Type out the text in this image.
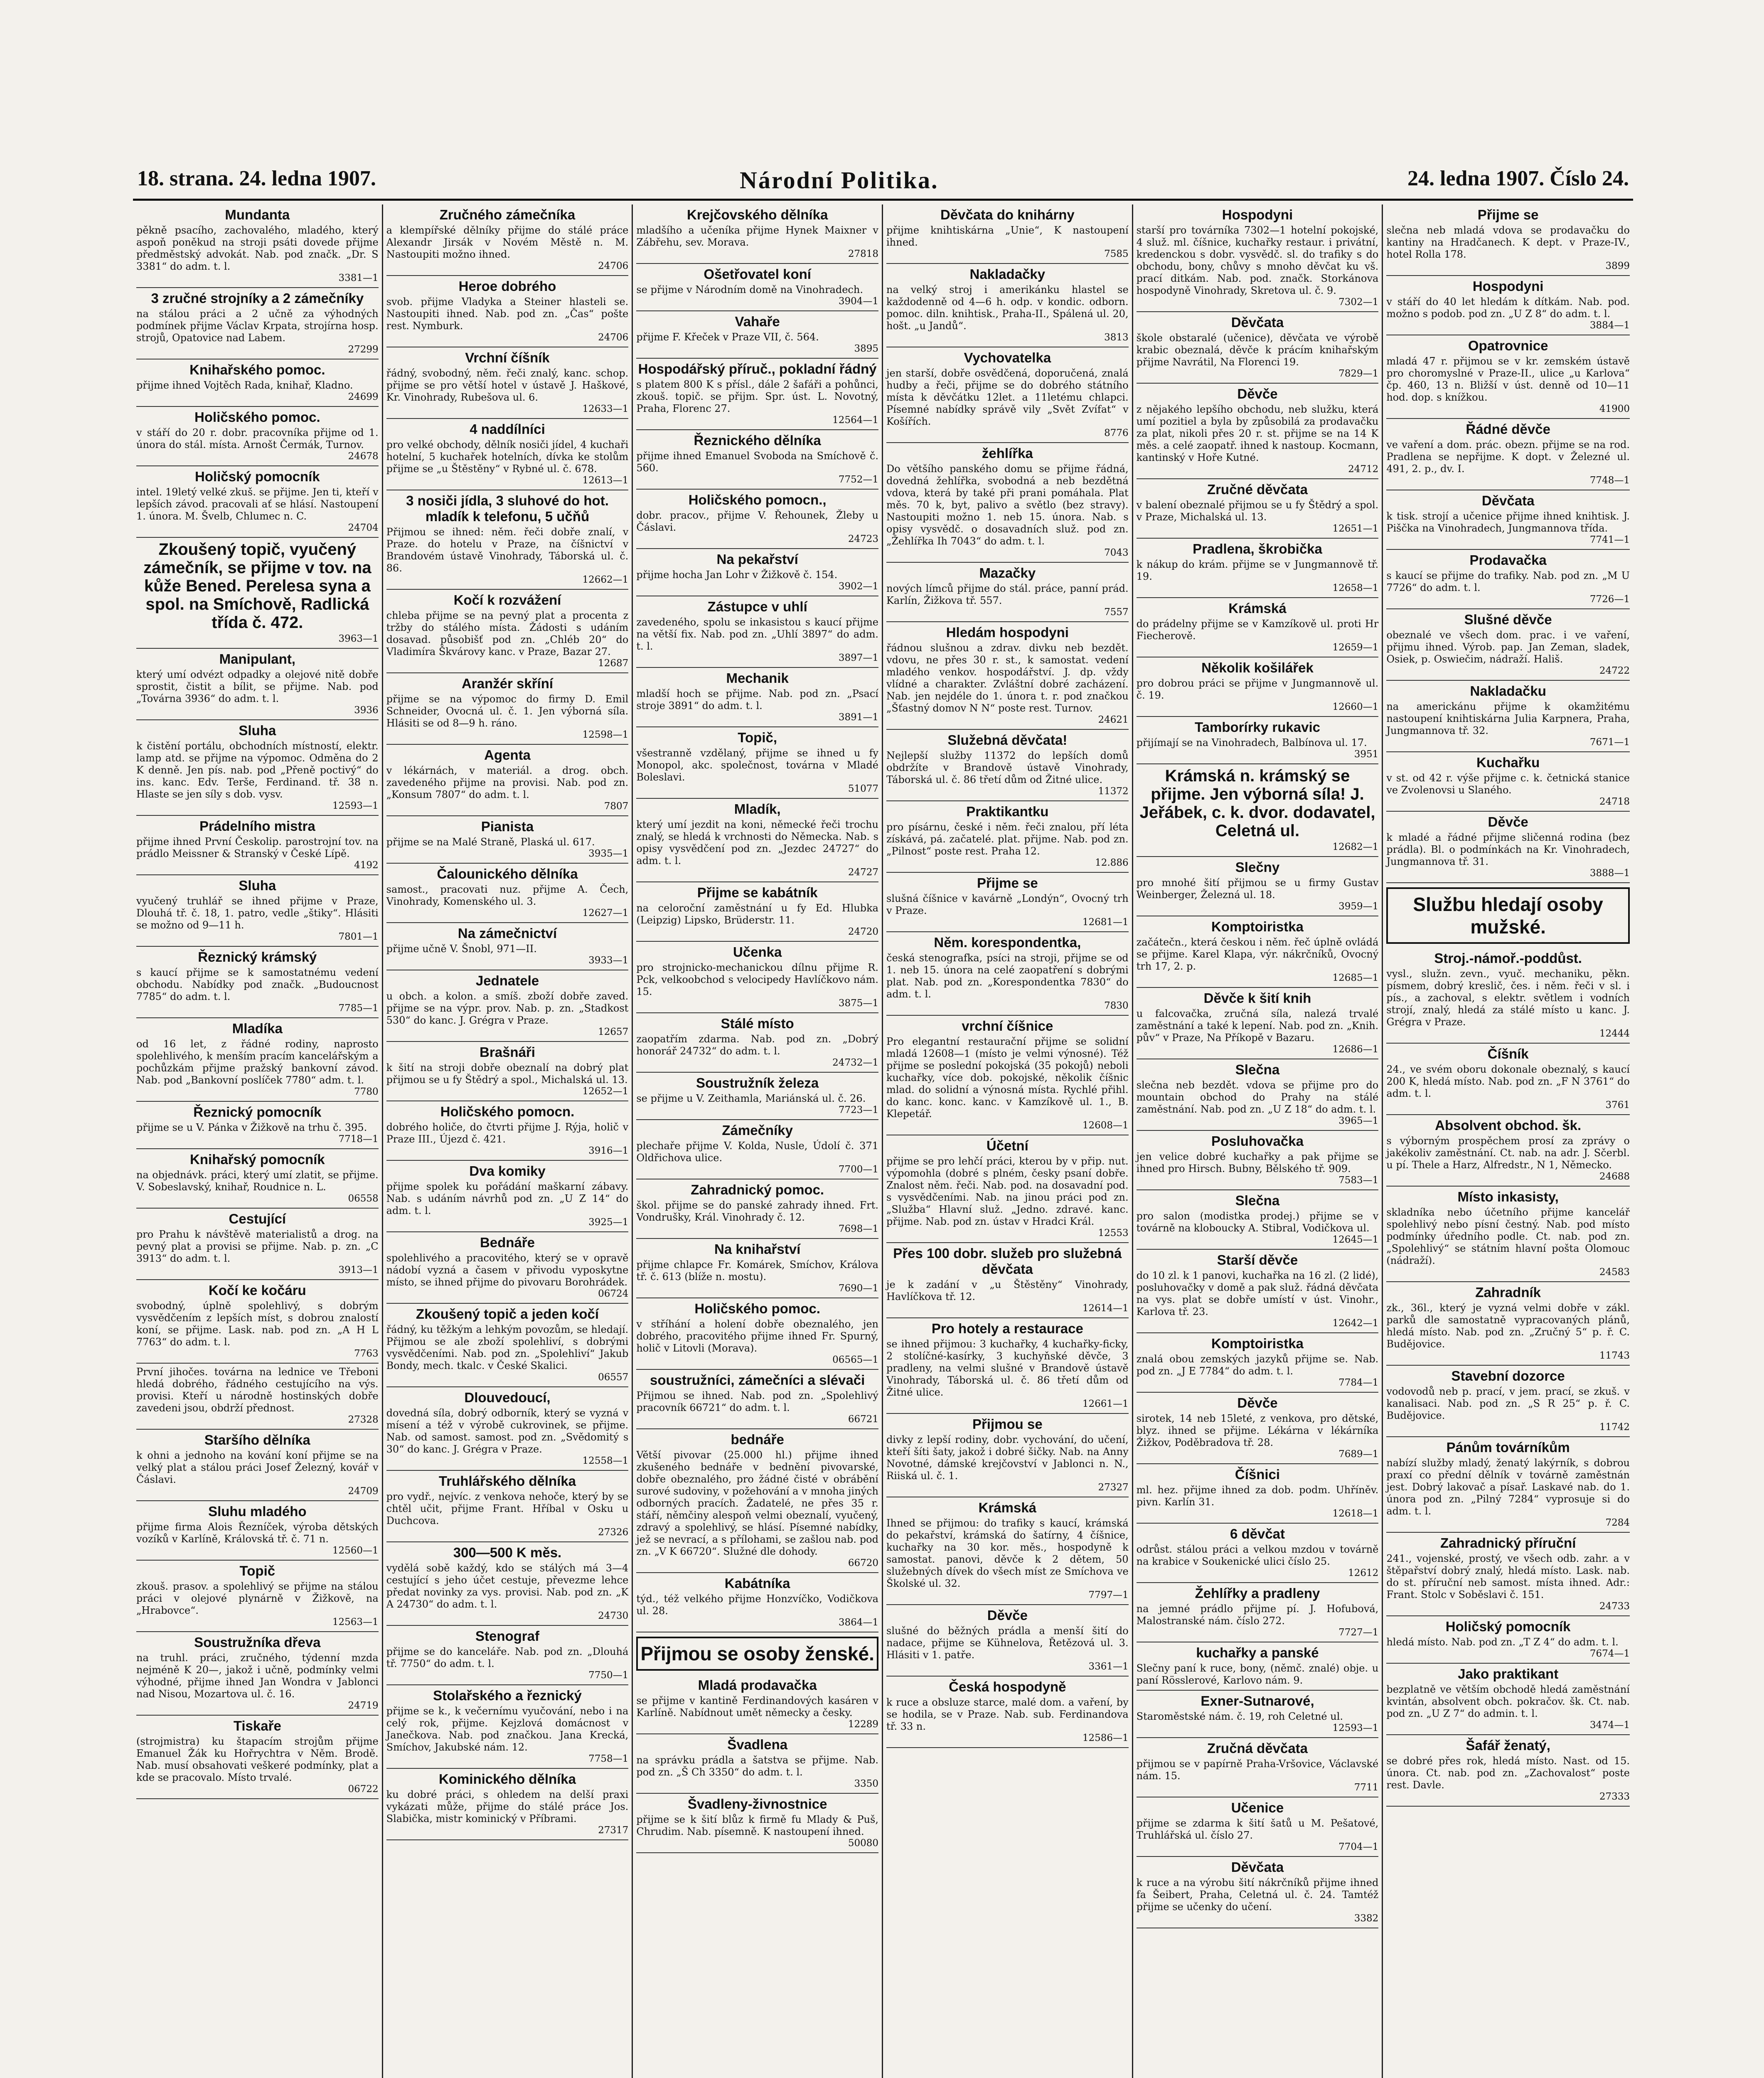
18. strana. 24. ledna 1907.	Národní Politika.	24. ledna 1907. Číslo 24.
Mundanta

pěkně psacího, zachovalého, mladého, který aspoň poněkud na stroji psáti dovede přijme předměstský advokát. Nab. pod značk. „Dr. S 3381“ do adm. t. l.

3381—1
3 zručné strojníky a 2 zámečníky

na stálou práci a 2 učně za výhodných podmínek přijme Václav Krpata, strojírna hosp. strojů, Opatovice nad Labem.

27299
Knihařského pomoc.

přijme ihned Vojtěch Rada, knihař, Kladno.

24699
Holičského pomoc.

v stáří do 20 r. dobr. pracovníka přijme od 1. února do stál. místa. Arnošt Čermák, Turnov.

24678
Holičský pomocník

intel. 19letý velké zkuš. se přijme. Jen ti, kteří v lepších závod. pracovali ať se hlásí. Nastoupení 1. února. M. Švelb, Chlumec n. C.

24704
Zkoušený topič, vyučený zámečník, se přijme v tov. na kůže Bened. Perelesa syna a spol. na Smíchově, Radlická třída č. 472.
3963—1
Manipulant,

který umí odvézt odpadky a olejové nitě dobře sprostit, čistit a bílit, se přijme. Nab. pod „Továrna 3936“ do adm. t. l.

3936
Sluha

k čistění portálu, obchodních místností, elektr. lamp atd. se přijme na výpomoc. Odměna do 2 K denně. Jen pís. nab. pod „Přeně poctivý“ do ins. kanc. Edv. Terše, Ferdinand. tř. 38 n. Hlaste se jen síly s dob. vysv.

12593—1
Prádelního mistra

přijme ihned První Českolip. parostrojní tov. na prádlo Meissner & Stranský v České Lípě.

4192
Sluha

vyučený truhlář se ihned přijme v Praze, Dlouhá tř. č. 18, 1. patro, vedle „štiky“. Hlásiti se možno od 9—11 h.

7801—1
Řeznický krámský

s kaucí přijme se k samostatnému vedení obchodu. Nabídky pod značk. „Budoucnost 7785“ do adm. t. l.

7785—1
Mladíka

od 16 let, z řádné rodiny, naprosto spolehlivého, k menším pracím kancelářským a pochůzkám přijme pražský bankovní závod. Nab. pod „Bankovní poslíček 7780“ adm. t. l.

7780
Řeznický pomocník

přijme se u V. Pánka v Žižkově na trhu č. 395.

7718—1
Knihařský pomocník

na objednávk. práci, který umí zlatit, se přijme. V. Sobeslavský, knihař, Roudnice n. L.

06558
Cestující

pro Prahu k návštěvě materialistů a drog. na pevný plat a provisi se přijme. Nab. p. zn. „C 3913“ do adm. t. l.

3913—1
Kočí ke kočáru

svobodný, úplně spolehlivý, s dobrým vysvědčením z lepších míst, s dobrou znalostí koní, se přijme. Lask. nab. pod zn. „A H L 7763“ do adm. t. l.

7763

První jihočes. továrna na lednice ve Třeboni hledá dobrého, řádného cestujícího na výs. provisi. Kteří u národně hostinských dobře zavedeni jsou, obdrží přednost.

27328
Staršího dělníka

k ohni a jednoho na kování koní přijme se na velký plat a stálou práci Josef Železný, kovář v Čáslavi.

24709
Sluhu mladého

přijme firma Alois Řezníček, výroba dětských vozíků v Karlíně, Královská tř. č. 71 n.

12560—1
Topič

zkouš. prasov. a spolehlivý se přijme na stálou práci v olejové plynárně v Žižkově, na „Hrabovce“.

12563—1
Soustružníka dřeva

na truhl. práci, zručného, týdenní mzda nejméně K 20—, jakož i učně, podmínky velmi výhodné, přijme ihned Jan Wondra v Jablonci nad Nisou, Mozartova ul. č. 16.

24719
Tiskaře

(strojmistra) ku štapacím strojům přijme Emanuel Žák ku Hořrychtra v Něm. Brodě. Nab. musí obsahovati veškeré podmínky, plat a kde se pracovalo. Místo trvalé.

06722
Zručného zámečníka

a klempířské dělníky přijme do stálé práce Alexandr Jirsák v Novém Městě n. M. Nastoupiti možno ihned.

24706
Heroe dobrého

svob. přijme Vladyka a Steiner hlasteli se. Nastoupiti ihned. Nab. pod zn. „Čas“ pošte rest. Nymburk.

24706
Vrchní číšník

řádný, svobodný, něm. řeči znalý, kanc. schop. přijme se pro větší hotel v ústavě J. Haškové, Kr. Vinohrady, Rubešova ul. 6.

12633—1
4 naddílníci

pro velké obchody, dělník nosiči jídel, 4 kuchaři hotelní, 5 kuchařek hotelních, dívka ke stolům přijme se „u Štěstěny“ v Rybné ul. č. 678.

12613—1
3 nosiči jídla, 3 sluhové do hot. mladík k telefonu, 5 učňů

Přijmou se ihned: něm. řeči dobře znalí, v Praze. do hotelu v Praze, na číšnictví v Brandovém ústavě Vinohrady, Táborská ul. č. 86.

12662—1
Kočí k rozvážení

chleba přijme se na pevný plat a procenta z tržby do stálého místa. Žádosti s udáním dosavad. působišť pod zn. „Chléb 20“ do Vladimíra Škvárovy kanc. v Praze, Bazar 27.

12687
Aranžér skříní

přijme se na výpomoc do firmy D. Emil Schneider, Ovocná ul. č. 1. Jen výborná síla. Hlásiti se od 8—9 h. ráno.

12598—1
Agenta

v lékárnách, v materiál. a drog. obch. zavedeného přijme na provisi. Nab. pod zn. „Konsum 7807“ do adm. t. l.

7807
Pianista

přijme se na Malé Straně, Plaská ul. 617.

3935—1
Čalounického dělníka

samost., pracovati nuz. přijme A. Čech, Vinohrady, Komenského ul. 3.

12627—1
Na zámečnictví

přijme učně V. Šnobl, 971—II.

3933—1
Jednatele

u obch. a kolon. a smíš. zboží dobře zaved. přijme se na výpr. prov. Nab. p. zn. „Stadkost 530“ do kanc. J. Grégra v Praze.

12657
Brašnáři

k šití na stroji dobře obeznalí na dobrý plat přijmou se u fy Štědrý a spol., Michalská ul. 13.

12652—1
Holičského pomocn.

dobrého holiče, do čtvrti přijme J. Rýja, holič v Praze III., Újezd č. 421.

3916—1
Dva komiky

přijme spolek ku pořádání maškarní zábavy. Nab. s udáním návrhů pod zn. „U Z 14“ do adm. t. l.

3925—1
Bednáře

spolehlivého a pracovitého, který se v opravě nádobí vyzná a časem v přivodu vyposkytne místo, se ihned přijme do pivovaru Borohrádek.

06724
Zkoušený topič a jeden kočí

řádný, ku těžkým a lehkým povozům, se hledají. Přijmou se ale zboží spolehliví, s dobrými vysvědčeními. Nab. pod zn. „Spolehliví“ Jakub Bondy, mech. tkalc. v České Skalici.

06557
Dlouvedoucí,

dovedná síla, dobrý odborník, který se vyzná v mísení a též v výrobě cukrovinek, se přijme. Nab. od samost. samost. pod zn. „Svědomitý s 30“ do kanc. J. Grégra v Praze.

12558—1
Truhlářského dělníka

pro vydř., nejvíc. z venkova nehoče, který by se chtěl učit, přijme Frant. Hříbal v Osku u Duchcova.

27326
300—500 K měs.

vydělá sobě každý, kdo se stálých má 3—4 cestující s jeho účet cestuje, převezme lehce předat novinky za vys. provisi. Nab. pod zn. „K A 24730“ do adm. t. l.

24730
Stenograf

přijme se do kanceláře. Nab. pod zn. „Dlouhá tř. 7750“ do adm. t. l.

7750—1
Stolařského a řeznický

přijme se k., k večernímu vyučování, nebo i na celý rok, přijme. Kejzlová domácnost v Janečkova. Nab. pod značkou. Jana Krecká, Smíchov, Jakubské nám. 12.

7758—1
Kominického dělníka

ku dobré práci, s ohledem na delší praxi vykázati může, přijme do stálé práce Jos. Slabička, mistr kominický v Příbrami.

27317
Krejčovského dělníka

mladšího a učeníka přijme Hynek Maixner v Zábřehu, sev. Morava.

27818
Ošetřovatel koní

se přijme v Národním domě na Vinohradech.

3904—1
Vahaře

přijme F. Křeček v Praze VII, č. 564.

3895
Hospodářský příruč., pokladní řádný

s platem 800 K s přísl., dále 2 šafáři a pohůnci, zkouš. topič. se přijm. Spr. úst. L. Novotný, Praha, Florenc 27.

12564—1
Řeznického dělníka

přijme ihned Emanuel Svoboda na Smíchově č. 560.

7752—1
Holičského pomocn.,

dobr. pracov., přijme V. Řehounek, Žleby u Čáslavi.

24723
Na pekařství

přijme hocha Jan Lohr v Žižkově č. 154.

3902—1
Zástupce v uhlí

zavedeného, spolu se inkasistou s kaucí přijme na větší fix. Nab. pod zn. „Uhlí 3897“ do adm. t. l.

3897—1
Mechanik

mladší hoch se přijme. Nab. pod zn. „Psací stroje 3891“ do adm. t. l.

3891—1
Topič,

všestranně vzdělaný, přijme se ihned u fy Monopol, akc. společnost, továrna v Mladé Boleslavi.

51077
Mladík,

který umí jezdit na koni, německé řeči trochu znalý, se hledá k vrchnosti do Německa. Nab. s opisy vysvědčení pod zn. „Jezdec 24727“ do adm. t. l.

24727
Přijme se kabátník

na celoroční zaměstnání u fy Ed. Hlubka (Leipzig) Lipsko, Brüderstr. 11.

24720
Učenka

pro strojnicko-mechanickou dílnu přijme R. Pck, velkoobchod s velocipedy Havlíčkovo nám. 15.

3875—1
Stálé místo

zaopatřím zdarma. Nab. pod zn. „Dobrý honorář 24732“ do adm. t. l.

24732—1
Soustružník železa

se přijme u V. Zeithamla, Mariánská ul. č. 26.

7723—1
Zámečníky

plechaře přijme V. Kolda, Nusle, Údolí č. 371 Oldřichova ulice.

7700—1
Zahradnický pomoc.

škol. přijme se do panské zahrady ihned. Frt. Vondrušky, Král. Vinohrady č. 12.

7698—1
Na knihařství

přijme chlapce Fr. Komárek, Smíchov, Králova tř. č. 613 (blíže n. mostu).

7690—1
Holičského pomoc.

v stříhání a holení dobře obeznalého, jen dobrého, pracovitého přijme ihned Fr. Spurný, holič v Litovli (Morava).

06565—1
soustružníci, zámečníci a slévači

Přijmou se ihned. Nab. pod zn. „Spolehlivý pracovník 66721“ do adm. t. l.

66721
bednáře

Větší pivovar (25.000 hl.) přijme ihned zkušeného bednáře v bednění pivovarské, dobře obeznalého, pro žádné čisté v obrábění surové sudoviny, v požehování a v mnoha jiných odborných pracích. Žadatelé, ne přes 35 r. stáří, němčiny alespoň velmi obeznalí, vyučený, zdravý a spolehlivý, se hlásí. Písemné nabídky, jež se nevrací, a s přílohami, se zašlou nab. pod zn. „V K 66720“. Služné dle dohody.

66720
Kabátníka

týd., též velkého přijme Honzvíčko, Vodičkova ul. 28.

3864—1
Přijmou se osoby ženské.
Mladá prodavačka

se přijme v kantině Ferdinandových kasáren v Karlíně. Nabídnout umět německy a česky.

12289
Švadlena

na správku prádla a šatstva se přijme. Nab. pod zn. „Š Ch 3350“ do adm. t. l.

3350
Švadleny-živnostnice

přijme se k šití blůz k firmě fu Mlady & Puš, Chrudim. Nab. písemně. K nastoupení ihned.

50080
Děvčata do knihárny

přijme knihtiskárna „Unie“, K nastoupení ihned.

7585
Nakladačky

na velký stroj i amerikánku hlastel se každodenně od 4—6 h. odp. v kondic. odborn. pomoc. diln. knihtisk., Praha-II., Spálená ul. 20, hošt. „u Jandů“.

3813
Vychovatelka

jen starší, dobře osvědčená, doporučená, znalá hudby a řeči, přijme se do dobrého státního místa k děvčátku 12let. a 11letému chlapci. Písemné nabídky správě vily „Svět Zvífat“ v Košířích.

8776
žehlířka

Do většího panského domu se přijme řádná, dovedná žehlířka, svobodná a neb bezdětná vdova, která by také při prani pomáhala. Plat měs. 70 k, byt, palivo a světlo (bez stravy). Nastoupiti možno 1. neb 15. února. Nab. s opisy vysvědč. o dosavadních služ. pod zn. „Žehlířka Ih 7043“ do adm. t. l.

7043
Mazačky

nových límců přijme do stál. práce, panní prád. Karlín, Žižkova tř. 557.

7557
Hledám hospodyni

řádnou slušnou a zdrav. divku neb bezdět. vdovu, ne přes 30 r. st., k samostat. vedení mladého venkov. hospodářství. J. dp. vždy vlídné a charakter. Zvláštní dobré zacházení. Nab. jen nejdéle do 1. února t. r. pod značkou „Šťastný domov N N“ poste rest. Turnov.

24621
Služebná děvčata!

Nejlepší služby 11372 do lepších domů obdržíte v Brandově ústavě Vinohrady, Táborská ul. č. 86 třetí dům od Žitné ulice.

11372
Praktikantku

pro písárnu, české i něm. řeči znalou, pří léta získává, pá. začatelé. plat. přijme. Nab. pod zn. „Pilnost“ poste rest. Praha 12.

12.886
Přijme se

slušná číšnice v kavárně „Londýn“, Ovocný trh v Praze.

12681—1
Něm. korespondentka,

česká stenografka, psíci na stroji, přijme se od 1. neb 15. února na celé zaopatření s dobrými plat. Nab. pod zn. „Korespondentka 7830“ do adm. t. l.

7830
vrchní číšnice

Pro elegantní restaurační přijme se solidní mladá 12608—1 (místo je velmi výnosné). Též přijme se poslední pokojská (35 pokojů) neboli kuchařky, více dob. pokojské, několik číšnic mlad. do solidní a výnosná místa. Rychlé přihl. do kanc. konc. kanc. v Kamzíkově ul. 1., B. Klepetář.

12608—1
Účetní

přijme se pro lehčí práci, kterou by v přip. nut. výpomohla (dobré s plném, česky psaní dobře. Znalost něm. řeči. Nab. pod. na dosavadní pod. s vysvědčeními. Nab. na jinou práci pod zn. „Služba“ Hlavní služ. „Jedno. zdravé. kanc. přijme. Nab. pod zn. ústav v Hradci Král.

12553
Přes 100 dobr. služeb pro služebná děvčata

je k zadání v „u Štěstěny“ Vinohrady, Havlíčkova tř. 12.

12614—1
Pro hotely a restaurace

se ihned přijmou: 3 kuchařky, 4 kuchařky-ficky, 2 stolíčné-kasírky, 3 kuchyňské děvče, 3 pradleny, na velmi slušné v Brandově ústavě Vinohrady, Táborská ul. č. 86 třetí dům od Žitné ulice.

12661—1
Přijmou se

divky z lepší rodiny, dobr. vychování, do učení, kteří šíti šaty, jakož i dobré šičky. Nab. na Anny Novotné, dámské krejčovství v Jablonci n. N., Riiská ul. č. 1.

27327
Krámská

Ihned se přijmou: do trafiky s kaucí, krámská do pekařství, krámská do šatírny, 4 číšnice, kuchařky na 30 kor. měs., hospodyně k samostat. panovi, děvče k 2 dětem, 50 služebných dívek do všech míst ze Smíchova ve Školské ul. 32.

7797—1
Děvče

slušné do běžných prádla a menší šití do nadace, přijme se Kühnelova, Řetězová ul. 3. Hlásiti v 1. patře.

3361—1
Česká hospodyně

k ruce a obsluze starce, malé dom. a vaření, by se hodila, se v Praze. Nab. sub. Ferdinandova tř. 33 n.

12586—1
Hospodyni

starší pro továrníka 7302—1 hotelní pokojské, 4 služ. ml. číšnice, kuchařky restaur. i privátní, kredenckou s dobr. vysvědč. sl. do trafiky s do obchodu, bony, chůvy s mnoho děvčat ku vš. prací ditkám. Nab. pod. značk. Storkánova hospodyně Vinohrady, Skretova ul. č. 9.

7302—1
Děvčata

škole obstaralé (učenice), děvčata ve výrobě krabic obeznalá, děvče k prácím knihařským přijme Navrátil, Na Florenci 19.

7829—1
Děvče

z nějakého lepšího obchodu, neb služku, která umí pozitiel a byla by způsobilá za prodavačku za plat, nikoli přes 20 r. st. přijme se na 14 K měs. a celé zaopatř. ihned k nastoup. Kocmann, kantinský v Hoře Kutné.

24712
Zručné děvčata

v balení obeznalé přijmou se u fy Štědrý a spol. v Praze, Michalská ul. 13.

12651—1
Pradlena, škrobička

k nákup do krám. přijme se v Jungmannově tř. 19.

12658—1
Krámská

do prádelny přijme se v Kamzíkově ul. proti Hr Fiecherově.

12659—1
Několik košilářek

pro dobrou práci se přijme v Jungmannově ul. č. 19.

12660—1
Tamborírky rukavic

přijímají se na Vinohradech, Balbínova ul. 17.

3951
Krámská n. krámský se přijme. Jen výborná síla! J. Jeřábek, c. k. dvor. dodavatel, Celetná ul.
12682—1
Slečny

pro mnohé šití přijmou se u firmy Gustav Weinberger, Železná ul. 18.

3959—1
Komptoiristka

začátečn., která českou i něm. řeč úplně ovládá se přijme. Karel Klapa, výr. nákrčníků, Ovocný trh 17, 2. p.

12685—1
Děvče k šití knih

u falcovačka, zručná síla, nalezá trvalé zaměstnání a také k lepení. Nab. pod zn. „Knih. pův“ v Praze, Na Příkopě v Bazaru.

12686—1
Slečna

slečna neb bezdět. vdova se přijme pro do mountain obchod do Prahy na stálé zaměstnání. Nab. pod zn. „U Z 18“ do adm. t. l.

3965—1
Posluhovačka

jen velice dobré kuchařky a pak přijme se ihned pro Hirsch. Bubny, Bělského tř. 909.

7583—1
Slečna

pro salon (modistka prodej.) přijme se v továrně na kloboucky A. Stibral, Vodičkova ul.

12645—1
Starší děvče

do 10 zl. k 1 panovi, kuchařka na 16 zl. (2 lidé), posluhovačky v domě a pak služ. řádná děvčata na vys. plat se dobře umístí v úst. Vinohr., Karlova tř. 23.

12642—1
Komptoiristka

znalá obou zemských jazyků přijme se. Nab. pod zn. „J E 7784“ do adm. t. l.

7784—1
Děvče

sirotek, 14 neb 15leté, z venkova, pro dětské, blyz. ihned se přijme. Lékárna v lékárníka Žižkov, Poděbradova tř. 28.

7689—1
Číšnici

ml. hez. přijme ihned za dob. podm. Uhříněv. pivn. Karlín 31.

12618—1
6 děvčat

odrůst. stálou práci a velkou mzdou v továrně na krabice v Soukenické ulici číslo 25.

12612
Žehlířky a pradleny

na jemné prádlo přijme pí. J. Hofubová, Malostranské nám. číslo 272.

7727—1
kuchařky a panské

Slečny paní k ruce, bony, (němč. znalé) obje. u paní Rösslerové, Karlovo nám. 9.

Exner-Sutnarové,

Staroměstské nám. č. 19, roh Celetné ul.

12593—1
Zručná děvčata

přijmou se v papírně Praha-Vršovice, Václavské nám. 15.

7711
Učenice

přijme se zdarma k šití šatů u M. Pešatové, Truhlářská ul. číslo 27.

7704—1
Děvčata

k ruce a na výrobu šití nákrčníků přijme ihned fa Šeibert, Praha, Celetná ul. č. 24. Tamtéž přijme se učenky do učení.

3382
Přijme se

slečna neb mladá vdova se prodavačku do kantiny na Hradčanech. K dept. v Praze-IV., hotel Rolla 178.

3899
Hospodyni

v stáří do 40 let hledám k dítkám. Nab. pod. možno s podob. pod zn. „U Z 8“ do adm. t. l.

3884—1
Opatrovnice

mladá 47 r. přijmou se v kr. zemském ústavě pro choromyslné v Praze-II., ulice „u Karlova“ čp. 460, 13 n. Bližší v úst. denně od 10—11 hod. dop. s knížkou.

41900
Řádné děvče

ve vaření a dom. prác. obezn. přijme se na rod. Pradlena se nepřijme. K dopt. v Železné ul. 491, 2. p., dv. I.

7748—1
Děvčata

k tisk. strojí a učenice přijme ihned knihtisk. J. Piščka na Vinohradech, Jungmannova třída.

7741—1
Prodavačka

s kaucí se přijme do trafiky. Nab. pod zn. „M U 7726“ do adm. t. l.

7726—1
Slušné děvče

obeznalé ve všech dom. prac. i ve vaření, přijmu ihned. Výrob. pap. Jan Zeman, sladek, Osiek, p. Oswiečim, nádraží. Hališ.

24722
Nakladačku

na americkánu přijme k okamžitému nastoupení knihtiskárna Julia Karpnera, Praha, Jungmannova tř. 32.

7671—1
Kuchařku

v st. od 42 r. výše přijme c. k. četnická stanice ve Zvolenovsi u Slaného.

24718
Děvče

k mladé a řádné přijme sličenná rodina (bez prádla). Bl. o podmínkách na Kr. Vinohradech, Jungmannova tř. 31.

3888—1
Službu hledají osoby mužské.
Stroj.-námoř.-poddůst.

vysl., služn. zevn., vyuč. mechaniku, pěkn. písmem, dobrý kreslič, čes. i něm. řeči v sl. i pís., a zachoval, s elektr. světlem i vodních strojí, znalý, hledá za stálé místo u kanc. J. Grégra v Praze.

12444
Číšník

24., ve svém oboru dokonale obeznalý, s kaucí 200 K, hledá místo. Nab. pod zn. „F N 3761“ do adm. t. l.

3761
Absolvent obchod. šk.

s výborným prospěchem prosí za zprávy o jakékoliv zaměstnání. Ct. nab. na adr. J. Sčerbl. u pí. Thele a Harz, Alfredstr., N 1, Německo.

24688
Místo inkasisty,

skladníka nebo účetního přijme kancelář spolehlivý nebo písní čestný. Nab. pod místo podmínky úředního podle. Ct. nab. pod zn. „Spolehlivý“ se státním hlavní pošta Olomouc (nádraží).

24583
Zahradník

zk., 36l., který je vyzná velmi dobře v zákl. parků dle samostatně vypracovaných plánů, hledá místo. Nab. pod zn. „Zručný 5“ p. ř. C. Budějovice.

11743
Stavební dozorce

vodovodů neb p. prací, v jem. prací, se zkuš. v kanalisaci. Nab. pod zn. „S R 25“ p. ř. C. Budějovice.

11742
Pánům továrníkům

nabízí služby mladý, ženatý lakýrník, s dobrou praxí co přední dělník v továrně zaměstnán jest. Dobrý lakovač a písař. Laskavé nab. do 1. února pod zn. „Pilný 7284“ vyprosuje si do adm. t. l.

7284
Zahradnický příruční

241., vojenské, prostý, ve všech odb. zahr. a v štěpařství dobrý znalý, hledá místo. Lask. nab. do st. příruční neb samost. místa ihned. Adr.: Frant. Stolc v Soběslavi č. 151.

24733
Holičský pomocník

hledá místo. Nab. pod zn. „T Z 4“ do adm. t. l.

7674—1
Jako praktikant

bezplatně ve větším obchodě hledá zaměstnání kvintán, absolvent obch. pokračov. šk. Ct. nab. pod zn. „U Z 7“ do admin. t. l.

3474—1
Šafář ženatý,

se dobré přes rok, hledá místo. Nast. od 15. února. Ct. nab. pod zn. „Zachovalost“ poste rest. Davle.

27333
